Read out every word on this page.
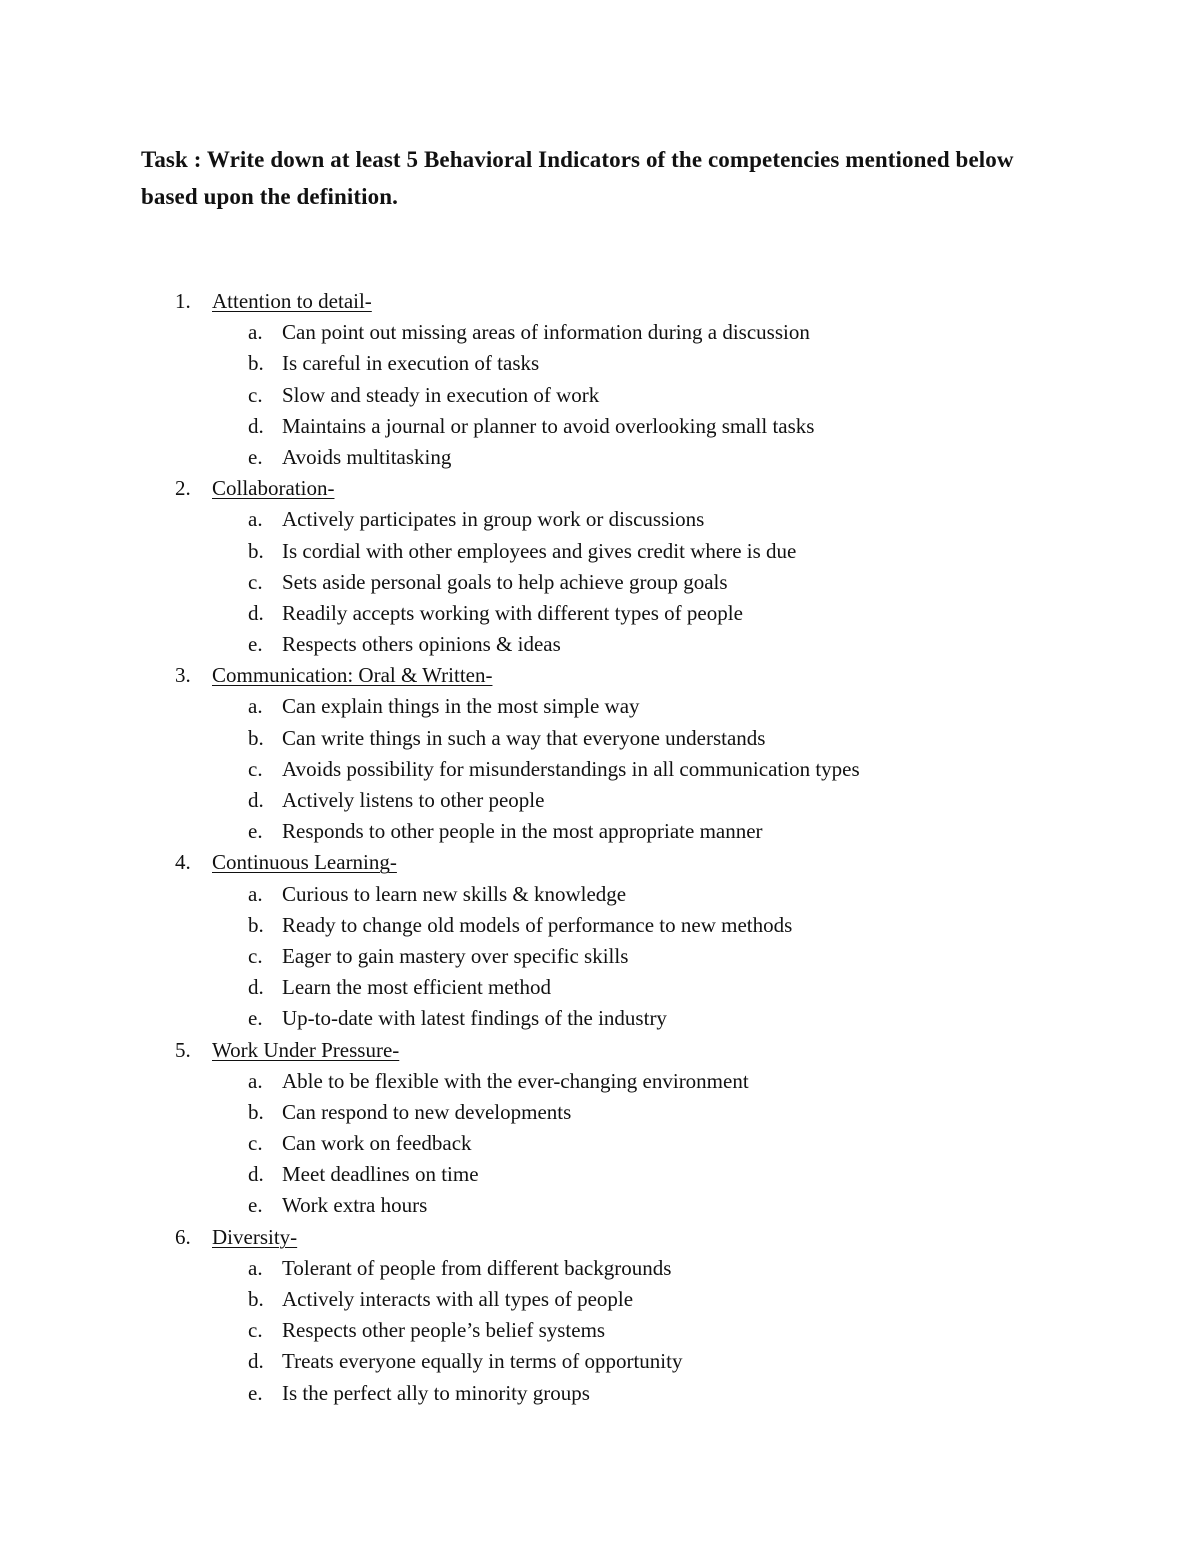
Task : Write down at least 5 Behavioral Indicators of the competencies mentioned below based upon the definition.
1. Attention to detail-
a. Can point out missing areas of information during a discussion
b. Is careful in execution of tasks
c. Slow and steady in execution of work
d. Maintains a journal or planner to avoid overlooking small tasks
e. Avoids multitasking
2. Collaboration-
a. Actively participates in group work or discussions
b. Is cordial with other employees and gives credit where is due
c. Sets aside personal goals to help achieve group goals
d. Readily accepts working with different types of people
e. Respects others opinions & ideas
3. Communication: Oral & Written-
a. Can explain things in the most simple way
b. Can write things in such a way that everyone understands
c. Avoids possibility for misunderstandings in all communication types
d. Actively listens to other people
e. Responds to other people in the most appropriate manner
4. Continuous Learning-
a. Curious to learn new skills & knowledge
b. Ready to change old models of performance to new methods
c. Eager to gain mastery over specific skills
d. Learn the most efficient method
e. Up-to-date with latest findings of the industry
5. Work Under Pressure-
a. Able to be flexible with the ever-changing environment
b. Can respond to new developments
c. Can work on feedback
d. Meet deadlines on time
e. Work extra hours
6. Diversity-
a. Tolerant of people from different backgrounds
b. Actively interacts with all types of people
c. Respects other people’s belief systems
d. Treats everyone equally in terms of opportunity
e. Is the perfect ally to minority groups
